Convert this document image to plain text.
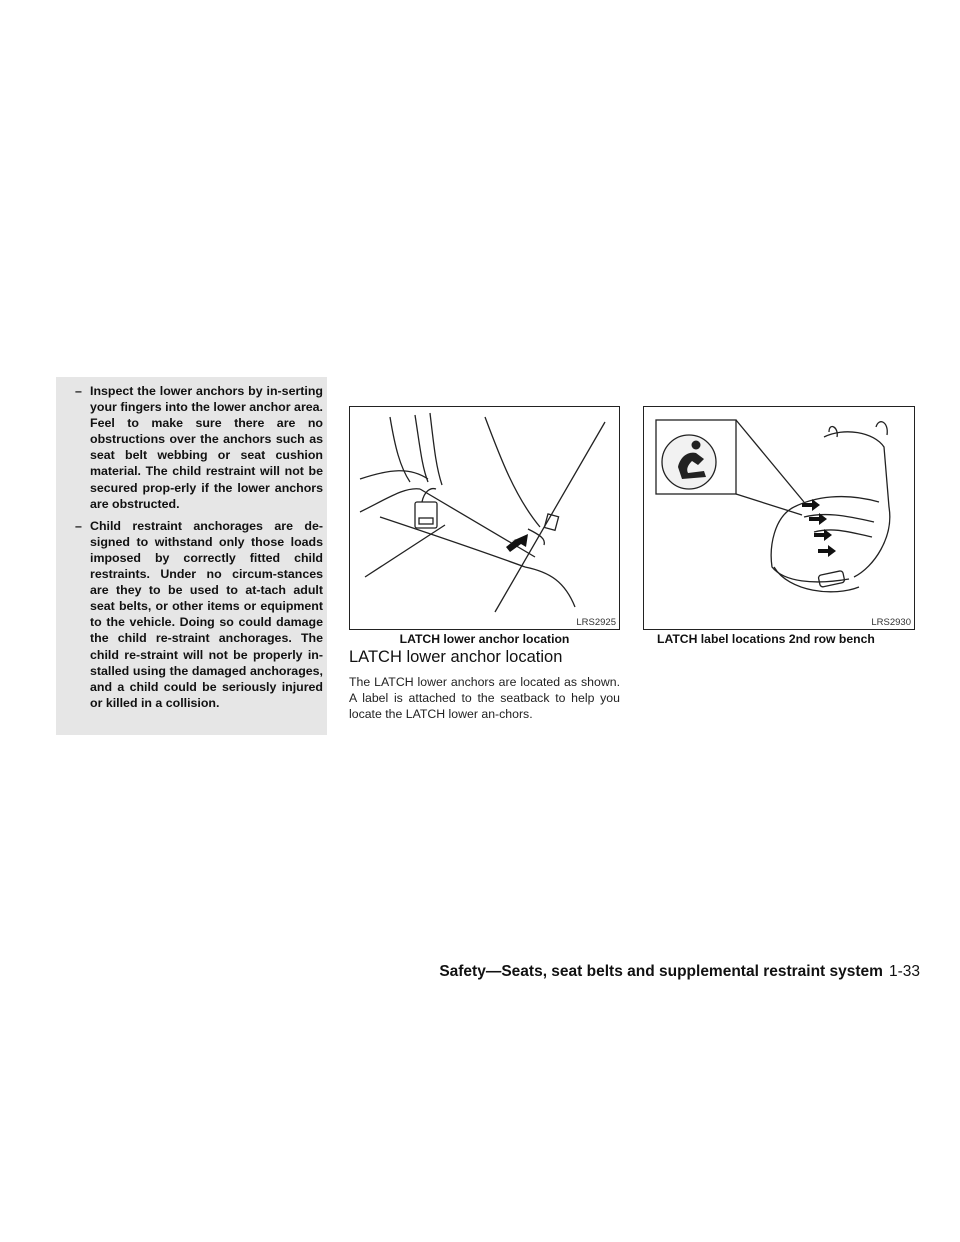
– Inspect the lower anchors by in-serting your fingers into the lower anchor area. Feel to make sure there are no obstructions over the anchors such as seat belt webbing or seat cushion material. The child restraint will not be secured prop-erly if the lower anchors are obstructed.
– Child restraint anchorages are de-signed to withstand only those loads imposed by correctly fitted child restraints. Under no circum-stances are they to be used to at-tach adult seat belts, or other items or equipment to the vehicle. Doing so could damage the child re-straint anchorages. The child re-straint will not be properly in-stalled using the damaged anchorages, and a child could be seriously injured or killed in a collision.
LRS2925	LRS2930
LATCH lower anchor location	LATCH label locations 2nd row bench
LATCH lower anchor location

The LATCH lower anchors are located as shown. A label is attached to the seatback to help you locate the LATCH lower an-chors.

Safety—Seats, seat belts and supplemental restraint system 1-33
